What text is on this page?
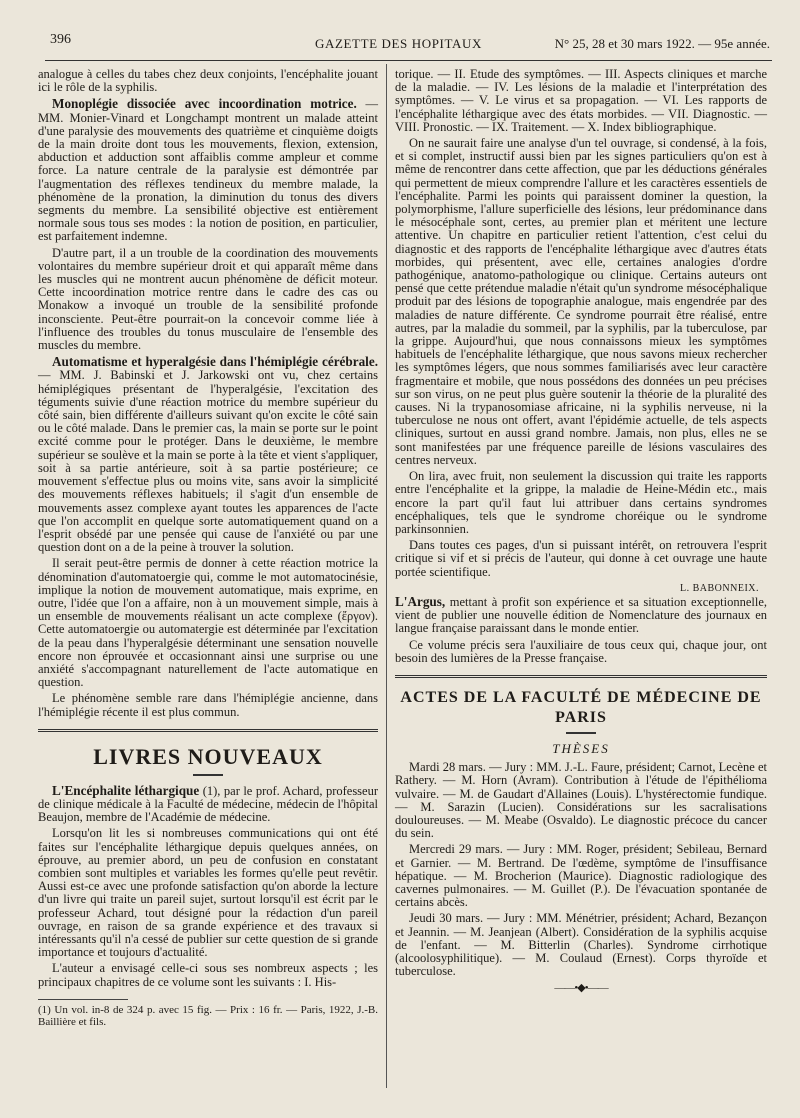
396	GAZETTE DES HOPITAUX	N° 25, 28 et 30 mars 1922. — 95e année.

analogue à celles du tabes chez deux conjoints, l'encéphalite jouant ici le rôle de la syphilis.

Monoplégie dissociée avec incoordination motrice. — MM. Monier-Vinard et Longchampt montrent un malade atteint d'une paralysie des mouvements des quatrième et cinquième doigts de la main droite dont tous les mouvements, flexion, extension, abduction et adduction sont affaiblis comme ampleur et comme force. La nature centrale de la paralysie est démontrée par l'augmentation des réflexes tendineux du membre malade, la phénomène de la pronation, la diminution du tonus des divers segments du membre. La sensibilité objective est entièrement normale sous tous ses modes : la notion de position, en particulier, est parfaitement indemne.

D'autre part, il a un trouble de la coordination des mouvements volontaires du membre supérieur droit et qui apparaît même dans les muscles qui ne montrent aucun phénomène de déficit moteur. Cette incoordination motrice rentre dans le cadre des cas ou Monakow a invoqué un trouble de la sensibilité profonde inconsciente. Peut-être pourrait-on la concevoir comme liée à l'influence des troubles du tonus musculaire de l'ensemble des muscles du membre.

Automatisme et hyperalgésie dans l'hémiplégie cérébrale. — MM. J. Babinski et J. Jarkowski ont vu, chez certains hémiplégiques présentant de l'hyperalgésie, l'excitation des téguments suivie d'une réaction motrice du membre supérieur du côté sain, bien différente d'ailleurs suivant qu'on excite le côté sain ou le côté malade. Dans le premier cas, la main se porte sur le point excité comme pour le protéger. Dans le deuxième, le membre supérieur se soulève et la main se porte à la tête et vient s'appliquer, soit à sa partie antérieure, soit à sa partie postérieure; ce mouvement s'effectue plus ou moins vite, sans avoir la simplicité des mouvements réflexes habituels; il s'agit d'un ensemble de mouvements assez complexe ayant toutes les apparences de l'acte que l'on accomplit en quelque sorte automatiquement quand on a l'esprit obsédé par une pensée qui cause de l'anxiété ou par une question dont on a de la peine à trouver la solution.

Il serait peut-être permis de donner à cette réaction motrice la dénomination d'automatoergie qui, comme le mot automatocinésie, implique la notion de mouvement automatique, mais exprime, en outre, l'idée que l'on a affaire, non à un mouvement simple, mais à un ensemble de mouvements réalisant un acte complexe (ἔργον). Cette automatoergie ou automatergie est déterminée par l'excitation de la peau dans l'hyperalgésie déterminant une sensation nouvelle encore non éprouvée et occasionnant ainsi une surprise ou une anxiété s'accompagnant naturellement de l'acte automatique en question.

Le phénomène semble rare dans l'hémiplégie ancienne, dans l'hémiplégie récente il est plus commun.

LIVRES NOUVEAUX

L'Encéphalite léthargique (1), par le prof. Achard, professeur de clinique médicale à la Faculté de médecine, médecin de l'hôpital Beaujon, membre de l'Académie de médecine.

Lorsqu'on lit les si nombreuses communications qui ont été faites sur l'encéphalite léthargique depuis quelques années, on éprouve, au premier abord, un peu de confusion en constatant combien sont multiples et variables les formes qu'elle peut revêtir. Aussi est-ce avec une profonde satisfaction qu'on aborde la lecture d'un livre qui traite un pareil sujet, surtout lorsqu'il est écrit par le professeur Achard, tout désigné pour la rédaction d'un pareil ouvrage, en raison de sa grande expérience et des travaux si intéressants qu'il n'a cessé de publier sur cette question de si grande importance et toujours d'actualité.

L'auteur a envisagé celle-ci sous ses nombreux aspects ; les principaux chapitres de ce volume sont les suivants : I. His-

(1) Un vol. in-8 de 324 p. avec 15 fig. — Prix : 16 fr. — Paris, 1922, J.-B. Baillière et fils.

torique. — II. Etude des symptômes. — III. Aspects cliniques et marche de la maladie. — IV. Les lésions de la maladie et l'interprétation des symptômes. — V. Le virus et sa propagation. — VI. Les rapports de l'encéphalite léthargique avec des états morbides. — VII. Diagnostic. — VIII. Pronostic. — IX. Traitement. — X. Index bibliographique.

On ne saurait faire une analyse d'un tel ouvrage, si condensé, à la fois, et si complet, instructif aussi bien par les signes particuliers qu'on est à même de rencontrer dans cette affection, que par les déductions générales qui permettent de mieux comprendre l'allure et les caractères essentiels de l'encéphalite. Parmi les points qui paraissent dominer la question, la polymorphisme, l'allure superficielle des lésions, leur prédominance dans le mésocéphale sont, certes, au premier plan et méritent une lecture attentive. Un chapitre en particulier retient l'attention, c'est celui du diagnostic et des rapports de l'encéphalite léthargique avec d'autres états morbides, qui présentent, avec elle, certaines analogies d'ordre pathogénique, anatomo-pathologique ou clinique. Certains auteurs ont pensé que cette prétendue maladie n'était qu'un syndrome mésocéphalique produit par des lésions de topographie analogue, mais engendrée par des maladies de nature différente. Ce syndrome pourrait être réalisé, entre autres, par la maladie du sommeil, par la syphilis, par la tuberculose, par la grippe. Aujourd'hui, que nous connaissons mieux les symptômes habituels de l'encéphalite léthargique, que nous savons mieux rechercher les symptômes légers, que nous sommes familiarisés avec leur caractère fragmentaire et mobile, que nous possédons des données un peu précises sur son virus, on ne peut plus guère soutenir la théorie de la pluralité des causes. Ni la trypanosomiase africaine, ni la syphilis nerveuse, ni la tuberculose ne nous ont offert, avant l'épidémie actuelle, de tels aspects cliniques, surtout en aussi grand nombre. Jamais, non plus, elles ne se sont manifestées par une fréquence pareille de lésions vasculaires des centres nerveux.

On lira, avec fruit, non seulement la discussion qui traite les rapports entre l'encéphalite et la grippe, la maladie de Heine-Médin etc., mais encore la part qu'il faut lui attribuer dans certains syndromes encéphaliques, tels que le syndrome choréique ou le syndrome parkinsonnien.

Dans toutes ces pages, d'un si puissant intérêt, on retrouvera l'esprit critique si vif et si précis de l'auteur, qui donne à cet ouvrage une haute portée scientifique.

L. BABONNEIX.

L'Argus, mettant à profit son expérience et sa situation exceptionnelle, vient de publier une nouvelle édition de Nomenclature des journaux en langue française paraissant dans le monde entier.

Ce volume précis sera l'auxiliaire de tous ceux qui, chaque jour, ont besoin des lumières de la Presse française.

ACTES DE LA FACULTÉ DE MÉDECINE DE PARIS
THÈSES

Mardi 28 mars. — Jury : MM. J.-L. Faure, président; Carnot, Lecène et Rathery. — M. Horn (Avram). Contribution à l'étude de l'épithélioma vulvaire. — M. de Gaudart d'Allaines (Louis). L'hystérectomie fundique. — M. Sarazin (Lucien). Considérations sur les sacralisations douloureuses. — M. Meabe (Osvaldo). Le diagnostic précoce du cancer du sein.

Mercredi 29 mars. — Jury : MM. Roger, président; Sebileau, Bernard et Garnier. — M. Bertrand. De l'œdème, symptôme de l'insuffisance hépatique. — M. Brocherion (Maurice). Diagnostic radiologique des cavernes pulmonaires. — M. Guillet (P.). De l'évacuation spontanée de certains abcès.

Jeudi 30 mars. — Jury : MM. Ménétrier, président; Achard, Bezançon et Jeannin. — M. Jeanjean (Albert). Considération de la syphilis acquise de l'enfant. — M. Bitterlin (Charles). Syndrome cirrhotique (alcoolosyphilitique). — M. Coulaud (Ernest). Corps thyroïde et tuberculose.

——•◆•——
